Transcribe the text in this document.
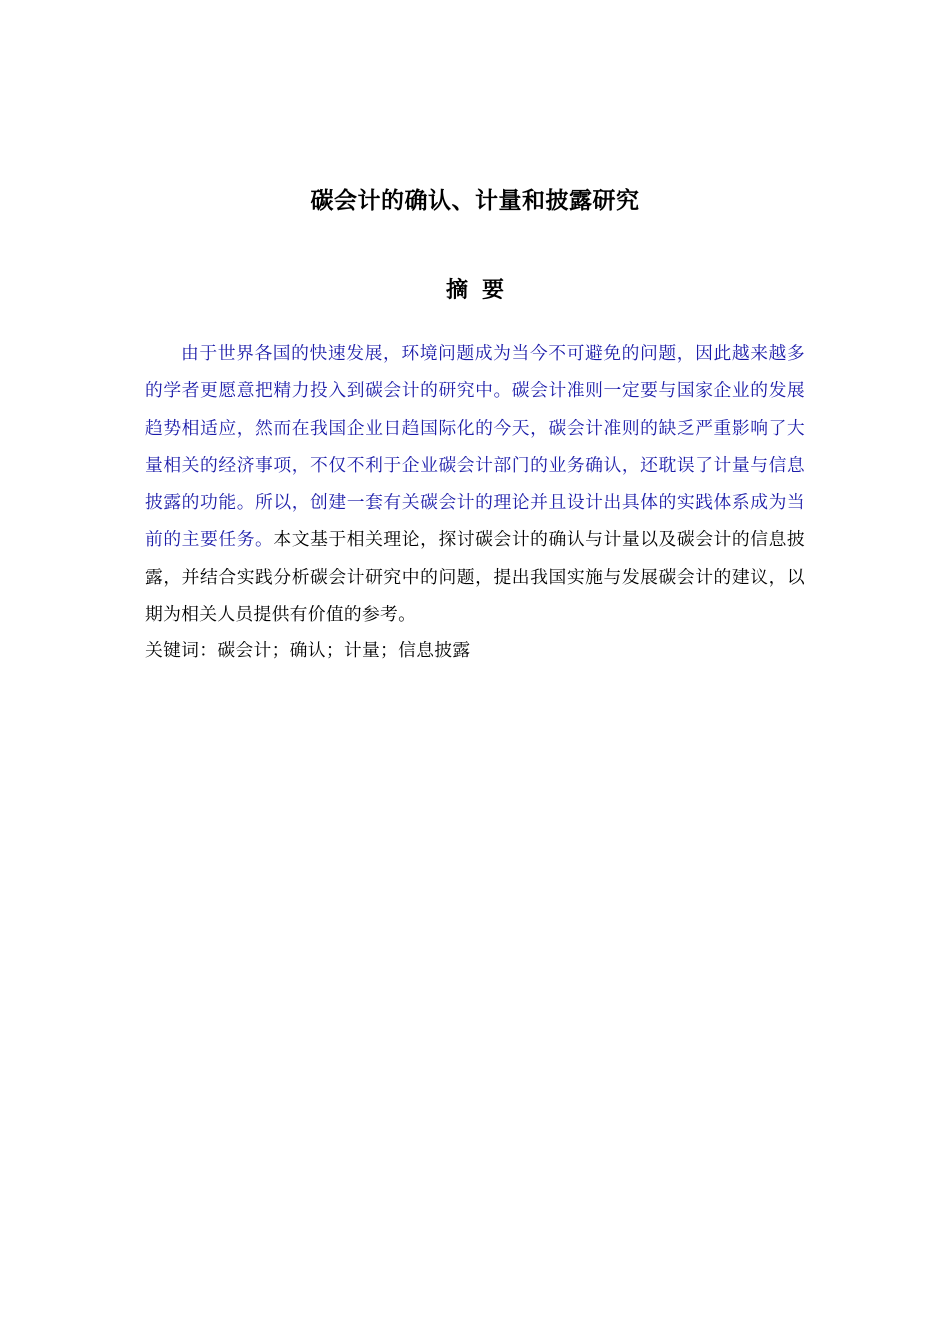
碳会计的确认、计量和披露研究
摘 要

由于世界各国的快速发展，环境问题成为当今不可避免的问题，因此越来越多的学者更愿意把精力投入到碳会计的研究中。碳会计准则一定要与国家企业的发展趋势相适应，然而在我国企业日趋国际化的今天，碳会计准则的缺乏严重影响了大量相关的经济事项，不仅不利于企业碳会计部门的业务确认，还耽误了计量与信息披露的功能。所以，创建一套有关碳会计的理论并且设计出具体的实践体系成为当前的主要任务。本文基于相关理论，探讨碳会计的确认与计量以及碳会计的信息披露，并结合实践分析碳会计研究中的问题，提出我国实施与发展碳会计的建议，以期为相关人员提供有价值的参考。

关键词：碳会计；确认；计量；信息披露
